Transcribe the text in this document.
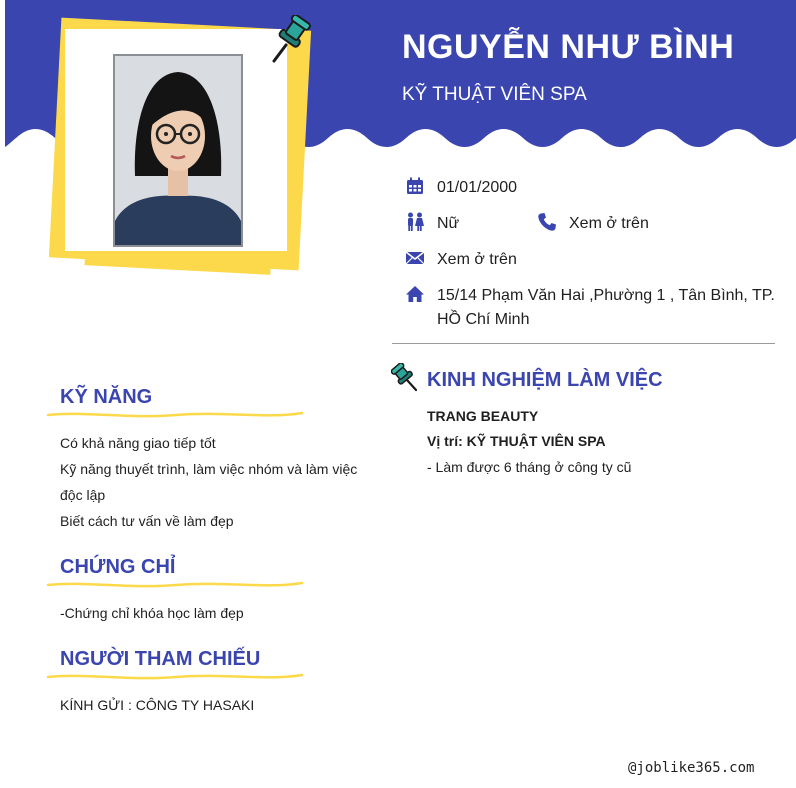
NGUYỄN NHƯ BÌNH
KỸ THUẬT VIÊN SPA
01/01/2000
Nữ	Xem ở trên
Xem ở trên
15/14 Phạm Văn Hai ,Phường 1 , Tân Bình, TP. HỒ Chí Minh
KINH NGHIỆM LÀM VIỆC
TRANG BEAUTY
Vị trí: KỸ THUẬT VIÊN SPA
- Làm được 6 tháng ở công ty cũ
KỸ NĂNG
Có khả năng giao tiếp tốt
Kỹ năng thuyết trình, làm việc nhóm và làm việc độc lập
Biết cách tư vấn về làm đẹp
CHỨNG CHỈ
-Chứng chỉ khóa học làm đẹp
NGƯỜI THAM CHIẾU
KÍNH GỬI : CÔNG TY HASAKI
@joblike365.com
